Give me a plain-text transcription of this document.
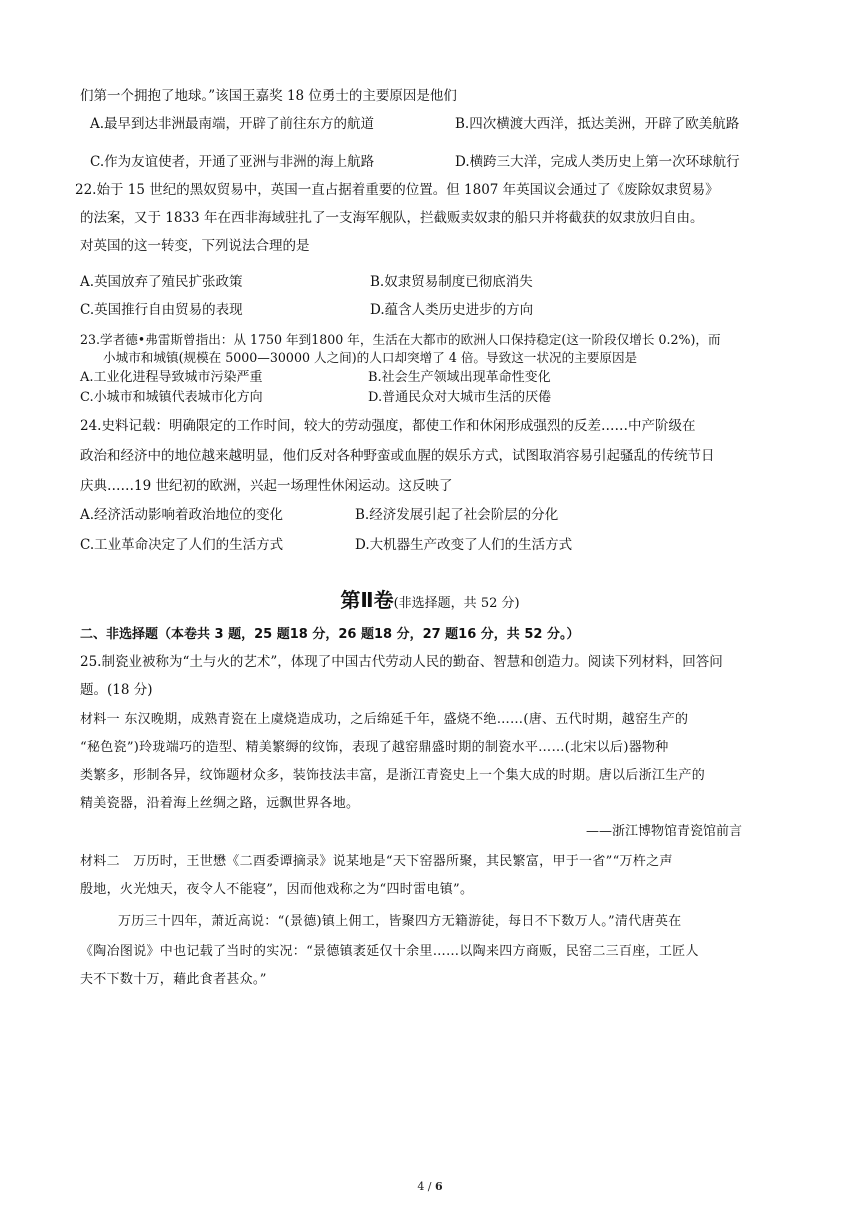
们第一个拥抱了地球。”该国王嘉奖 18 位勇士的主要原因是他们
A.最早到达非洲最南端，开辟了前往东方的航道	B.四次横渡大西洋，抵达美洲，开辟了欧美航路
C.作为友谊使者，开通了亚洲与非洲的海上航路	D.横跨三大洋，完成人类历史上第一次环球航行
22.始于 15 世纪的黑奴贸易中，英国一直占据着重要的位置。但 1807 年英国议会通过了《废除奴隶贸易》
的法案，又于 1833 年在西非海域驻扎了一支海军舰队，拦截贩卖奴隶的船只并将截获的奴隶放归自由。
对英国的这一转变，下列说法合理的是
A.英国放弃了殖民扩张政策	B.奴隶贸易制度已彻底消失
C.英国推行自由贸易的表现	D.蕴含人类历史进步的方向
23.学者德•弗雷斯曾指出：从 1750 年到1800 年，生活在大都市的欧洲人口保持稳定(这一阶段仅增长 0.2%)，而
小城市和城镇(规模在 5000—30000 人之间)的人口却突增了 4 倍。导致这一状况的主要原因是
A.工业化进程导致城市污染严重	B.社会生产领域出现革命性变化
C.小城市和城镇代表城市化方向	D.普通民众对大城市生活的厌倦
24.史料记载：明确限定的工作时间，较大的劳动强度，都使工作和休闲形成强烈的反差……中产阶级在
政治和经济中的地位越来越明显，他们反对各种野蛮或血腥的娱乐方式，试图取消容易引起骚乱的传统节日
庆典……19 世纪初的欧洲，兴起一场理性休闲运动。这反映了
A.经济活动影响着政治地位的变化	B.经济发展引起了社会阶层的分化
C.工业革命决定了人们的生活方式	D.大机器生产改变了人们的生活方式
第Ⅱ卷(非选择题，共 52 分)
二、非选择题（本卷共 3 题，25 题18 分，26 题18 分，27 题16 分，共 52 分。）
25.制瓷业被称为“土与火的艺术”，体现了中国古代劳动人民的勤奋、智慧和创造力。阅读下列材料，回答问
题。(18 分)
材料一 东汉晚期，成熟青瓷在上虞烧造成功，之后绵延千年，盛烧不绝……(唐、五代时期，越窑生产的
“秘色瓷”)玲珑端巧的造型、精美繁缛的纹饰，表现了越窑鼎盛时期的制瓷水平……(北宋以后)器物种
类繁多，形制各异，纹饰题材众多，装饰技法丰富，是浙江青瓷史上一个集大成的时期。唐以后浙江生产的
精美瓷器，沿着海上丝绸之路，远飘世界各地。
——浙江博物馆青瓷馆前言
材料二　万历时，王世懋《二酉委谭摘录》说某地是“天下窑器所聚，其民繁富，甲于一省”“万杵之声
殷地，火光烛天，夜令人不能寝”，因而他戏称之为“四时雷电镇”。
万历三十四年，萧近高说：“(景德)镇上佣工，皆聚四方无籍游徒，每日不下数万人。”清代唐英在
《陶冶图说》中也记载了当时的实况：“景德镇袤延仅十余里……以陶来四方商贩，民窑二三百座，工匠人
夫不下数十万，藉此食者甚众。”
4 / 6
